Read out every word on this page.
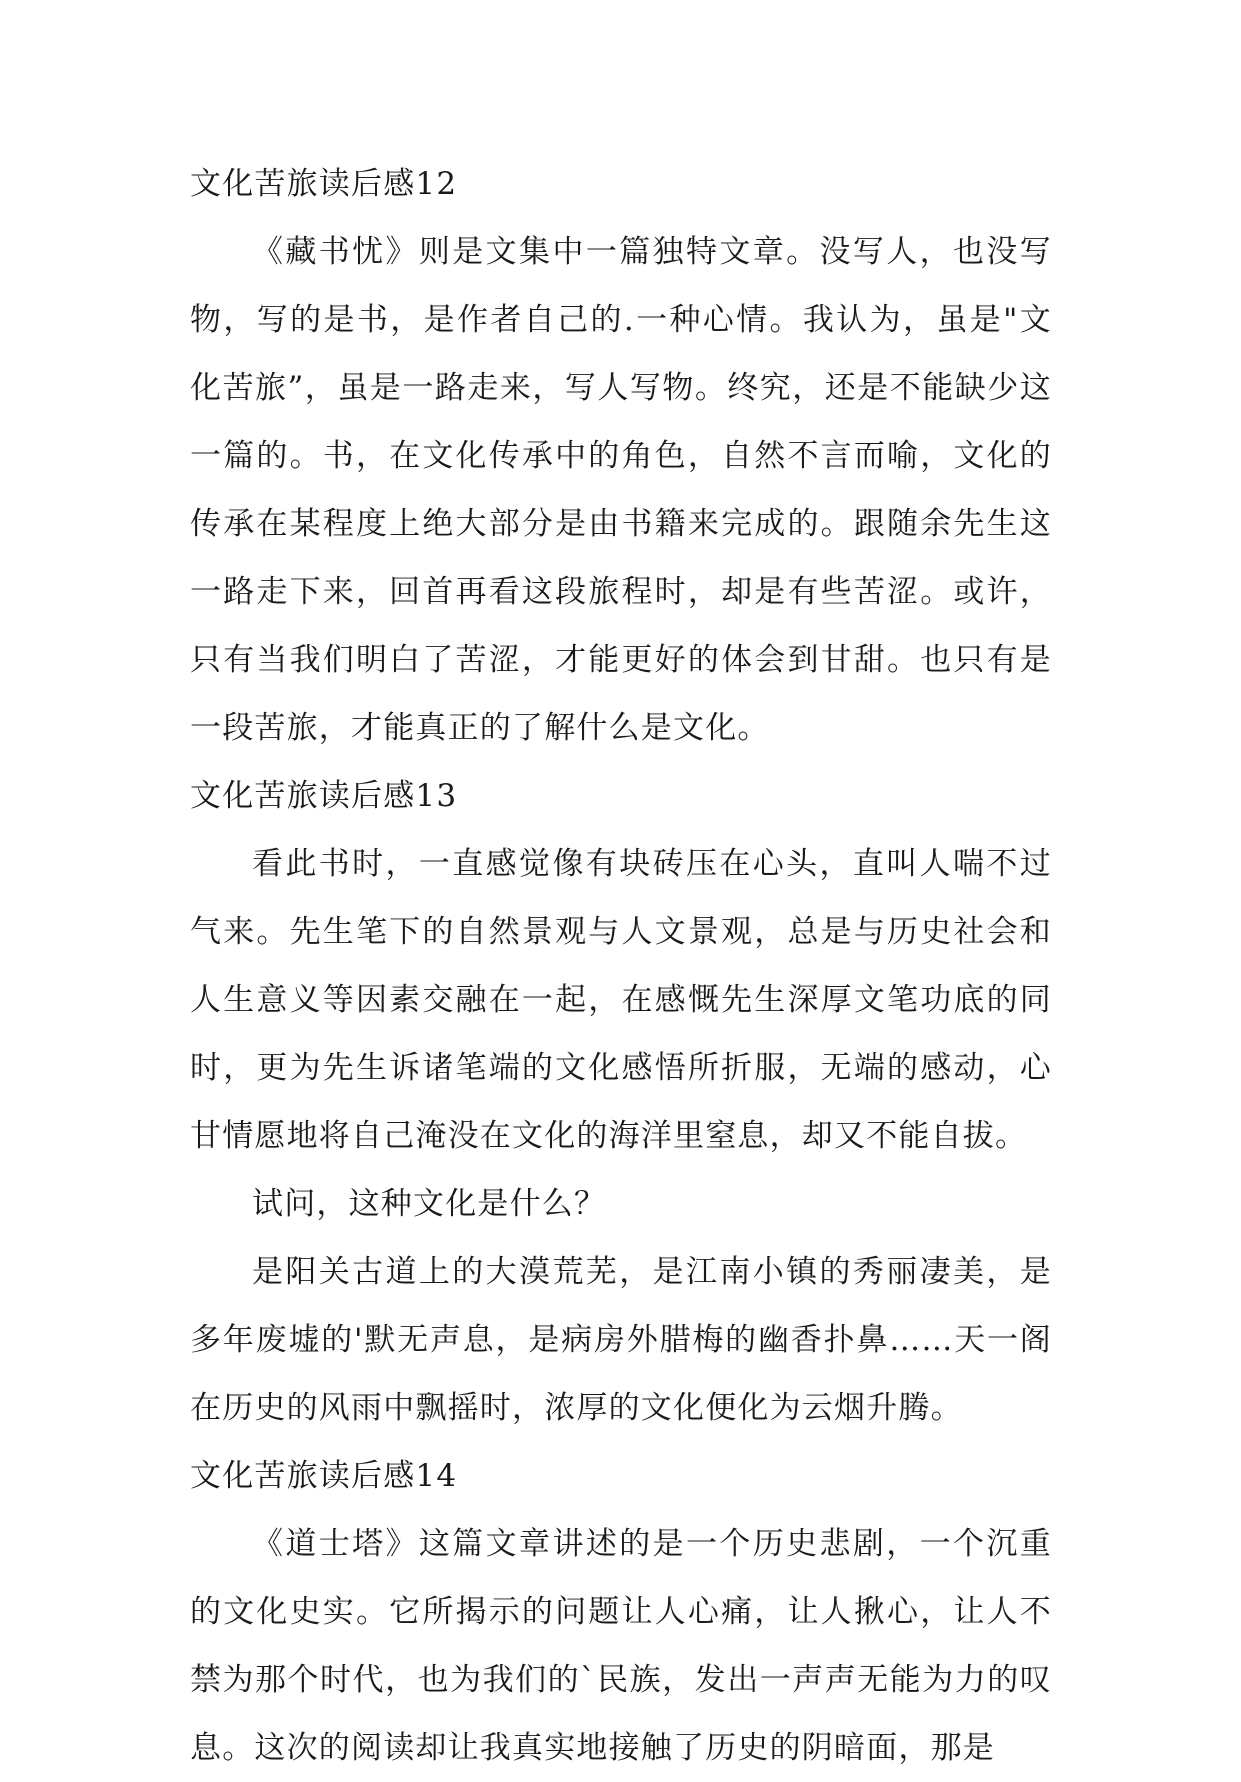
文化苦旅读后感12

《藏书忧》则是文集中一篇独特文章。没写人，也没写物，写的是书，是作者自己的.一种心情。我认为，虽是"文化苦旅”，虽是一路走来，写人写物。终究，还是不能缺少这一篇的。书，在文化传承中的角色，自然不言而喻，文化的传承在某程度上绝大部分是由书籍来完成的。跟随余先生这一路走下来，回首再看这段旅程时，却是有些苦涩。或许，只有当我们明白了苦涩，才能更好的体会到甘甜。也只有是一段苦旅，才能真正的了解什么是文化。

文化苦旅读后感13

看此书时，一直感觉像有块砖压在心头，直叫人喘不过气来。先生笔下的自然景观与人文景观，总是与历史社会和人生意义等因素交融在一起，在感慨先生深厚文笔功底的同时，更为先生诉诸笔端的文化感悟所折服，无端的感动，心甘情愿地将自己淹没在文化的海洋里窒息，却又不能自拔。

试问，这种文化是什么？

是阳关古道上的大漠荒芜，是江南小镇的秀丽凄美，是多年废墟的'默无声息，是病房外腊梅的幽香扑鼻……天一阁在历史的风雨中飘摇时，浓厚的文化便化为云烟升腾。

文化苦旅读后感14

《道士塔》这篇文章讲述的是一个历史悲剧，一个沉重的文化史实。它所揭示的问题让人心痛，让人揪心，让人不禁为那个时代，也为我们的`民族，发出一声声无能为力的叹息。这次的阅读却让我真实地接触了历史的阴暗面，那是
